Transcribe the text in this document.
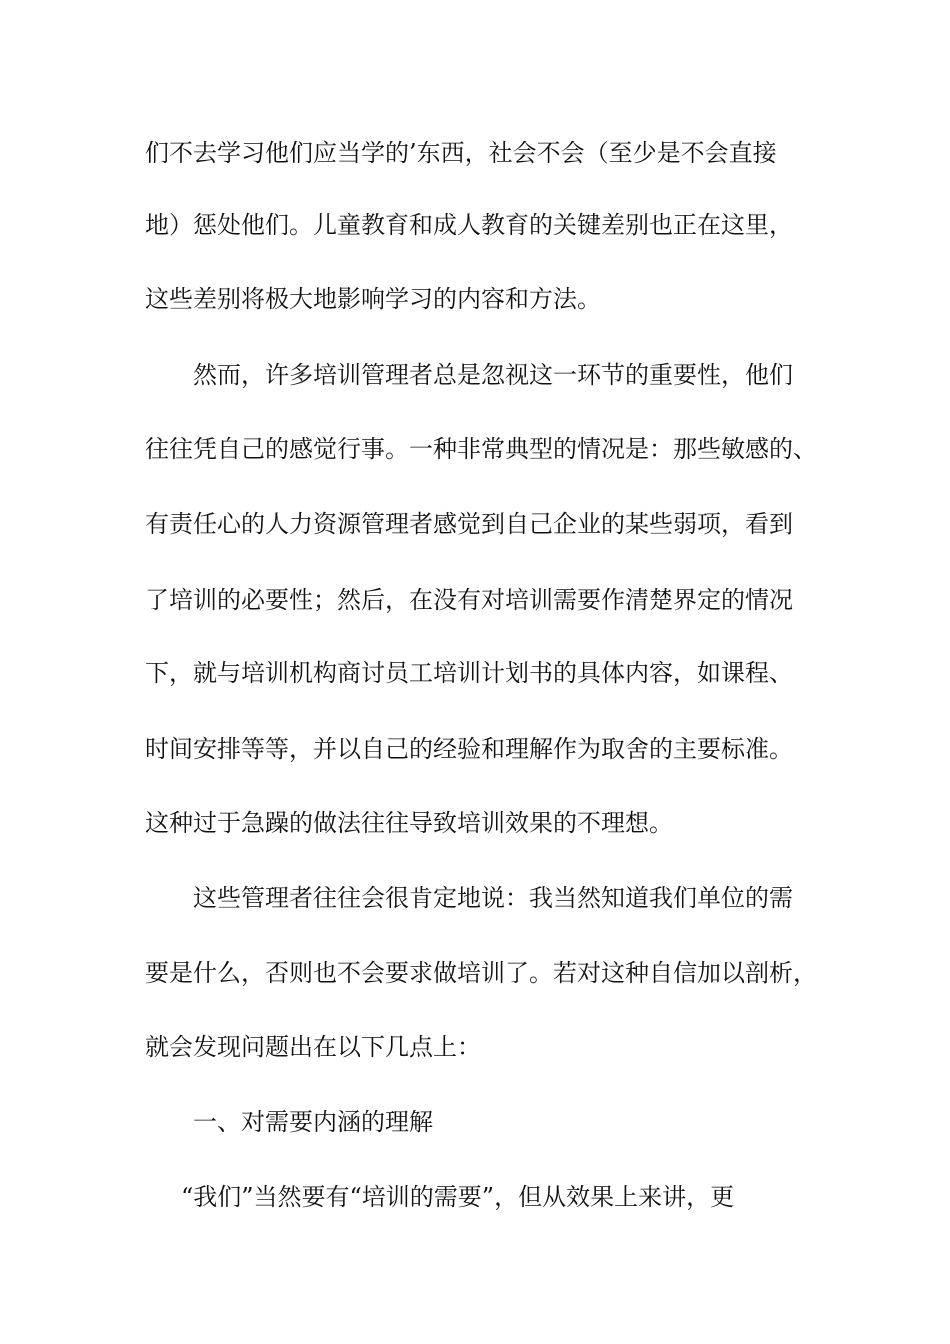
们不去学习他们应当学的’东西，社会不会（至少是不会直接
地）惩处他们。儿童教育和成人教育的关键差别也正在这里，
这些差别将极大地影响学习的内容和方法。
然而，许多培训管理者总是忽视这一环节的重要性，他们
往往凭自己的感觉行事。一种非常典型的情况是：那些敏感的、
有责任心的人力资源管理者感觉到自己企业的某些弱项，看到
了培训的必要性；然后，在没有对培训需要作清楚界定的情况
下，就与培训机构商讨员工培训计划书的具体内容，如课程、
时间安排等等，并以自己的经验和理解作为取舍的主要标准。
这种过于急躁的做法往往导致培训效果的不理想。
这些管理者往往会很肯定地说：我当然知道我们单位的需
要是什么，否则也不会要求做培训了。若对这种自信加以剖析，
就会发现问题出在以下几点上：
一、对需要内涵的理解
“我们”当然要有“培训的需要”，但从效果上来讲，更
